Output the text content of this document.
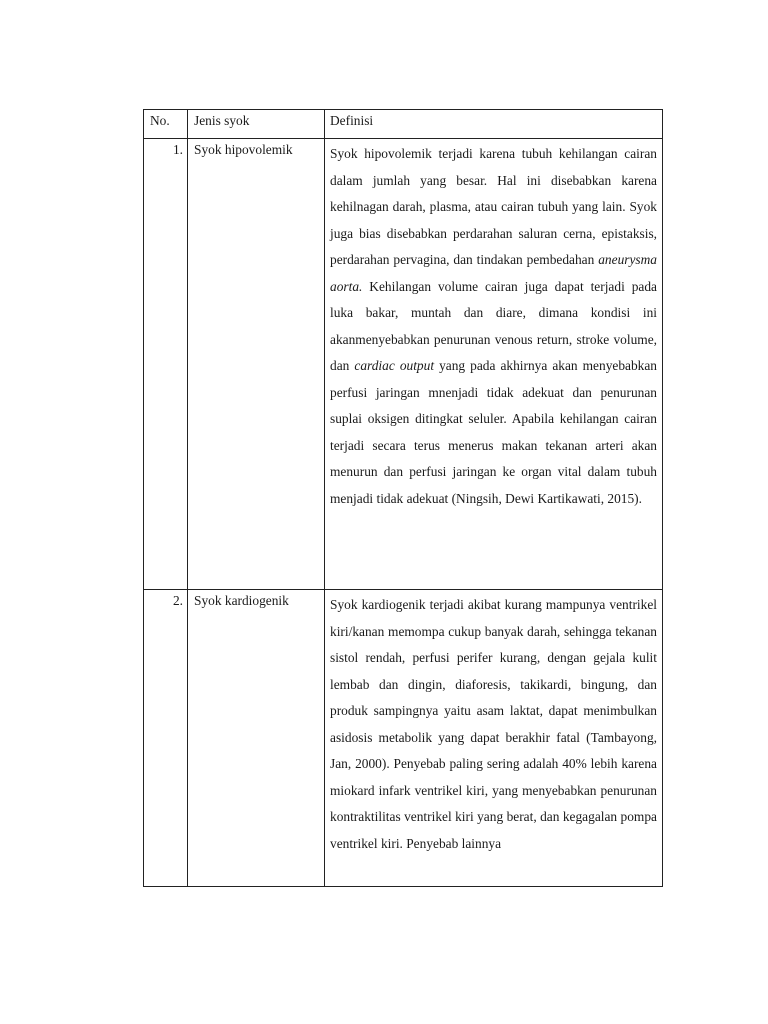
No.	Jenis syok	Definisi

1.	Syok hipovolemik	Syok hipovolemik terjadi karena tubuh kehilangan cairan dalam jumlah yang besar. Hal ini disebabkan karena kehilnagan darah, plasma, atau cairan tubuh yang lain. Syok juga bias disebabkan perdarahan saluran cerna, epistaksis, perdarahan pervagina, dan tindakan pembedahan aneurysma aorta. Kehilangan volume cairan juga dapat terjadi pada luka bakar, muntah dan diare, dimana kondisi ini akanmenyebabkan penurunan venous return, stroke volume, dan cardiac output yang pada akhirnya akan menyebabkan perfusi jaringan mnenjadi tidak adekuat dan penurunan suplai oksigen ditingkat seluler. Apabila kehilangan cairan terjadi secara terus menerus makan tekanan arteri akan menurun dan perfusi jaringan ke organ vital dalam tubuh menjadi tidak adekuat (Ningsih, Dewi Kartikawati, 2015).

2.	Syok kardiogenik	Syok kardiogenik terjadi akibat kurang mampunya ventrikel kiri/kanan memompa cukup banyak darah, sehingga tekanan sistol rendah, perfusi perifer kurang, dengan gejala kulit lembab dan dingin, diaforesis, takikardi, bingung, dan produk sampingnya yaitu asam laktat, dapat menimbulkan asidosis metabolik yang dapat berakhir fatal (Tambayong, Jan, 2000). Penyebab paling sering adalah 40% lebih karena miokard infark ventrikel kiri, yang menyebabkan penurunan kontraktilitas ventrikel kiri yang berat, dan kegagalan pompa ventrikel kiri. Penyebab lainnya
